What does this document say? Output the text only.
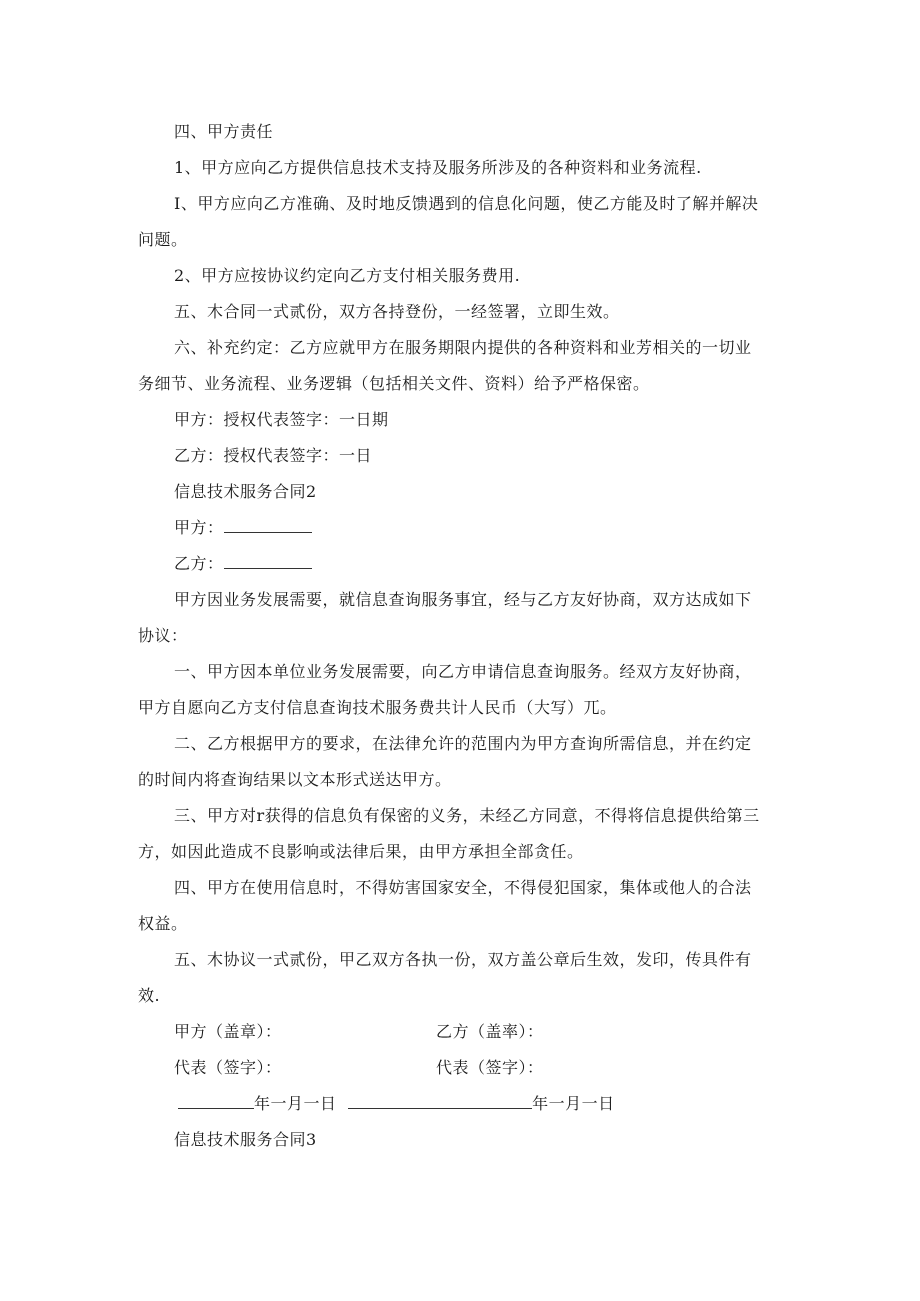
四、甲方责任
1、甲方应向乙方提供信息技术支持及服务所涉及的各种资料和业务流程.
I、甲方应向乙方准确、及时地反馈遇到的信息化问题，使乙方能及时了解并解决
问题。
2、甲方应按协议约定向乙方支付相关服务费用.
五、木合同一式贰份，双方各持登份，一经签署，立即生效。
六、补充约定：乙方应就甲方在服务期限内提供的各种资料和业芳相关的一切业
务细节、业务流程、业务逻辑（包括相关文件、资料）给予严格保密。
甲方：授权代表签字：一日期
乙方：授权代表签字：一日
信息技术服务合同2
甲方：
乙方：
甲方因业务发展需要，就信息查询服务事宜，经与乙方友好协商，双方达成如下
协议：
一、甲方因本单位业务发展需要，向乙方申请信息查询服务。经双方友好协商，
甲方自愿向乙方支付信息查询技术服务费共计人民币（大写）兀。
二、乙方根据甲方的要求，在法律允许的范围内为甲方查询所需信息，并在约定
的时间内将查询结果以文本形式送达甲方。
三、甲方对r获得的信息负有保密的义务，未经乙方同意，不得将信息提供给第三
方，如因此造成不良影响或法律后果，由甲方承担全部贪任。
四、甲方在使用信息时，不得妨害国家安全，不得侵犯国家，集体或他人的合法
权益。
五、木协议一式贰份，甲乙双方各执一份，双方盖公章后生效，发印，传具件有
效.
甲方（盖章）：	乙方（盖率）：
代表（签字）：	代表（签字）：
年一月一日	年一月一日
信息技术服务合同3
